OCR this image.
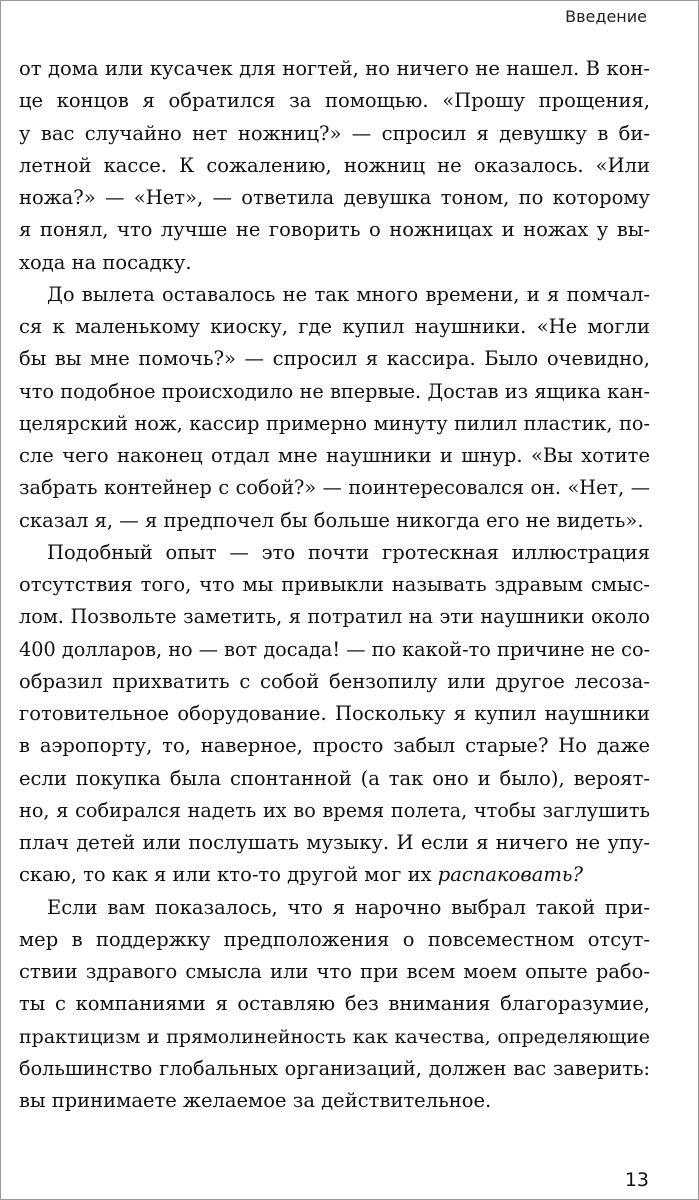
Введение
от дома или кусачек для ногтей, но ничего не нашел. В кон-
це концов я обратился за помощью. «Прошу прощения,
у вас случайно нет ножниц?» — спросил я девушку в би-
летной кассе. К сожалению, ножниц не оказалось. «Или
ножа?» — «Нет», — ответила девушка тоном, по которому
я понял, что лучше не говорить о ножницах и ножах у вы-
хода на посадку.
До вылета оставалось не так много времени, и я помчал-
ся к маленькому киоску, где купил наушники. «Не могли
бы вы мне помочь?» — спросил я кассира. Было очевидно,
что подобное происходило не впервые. Достав из ящика кан-
целярский нож, кассир примерно минуту пилил пластик, по-
сле чего наконец отдал мне наушники и шнур. «Вы хотите
забрать контейнер с собой?» — поинтересовался он. «Нет, —
сказал я, — я предпочел бы больше никогда его не видеть».
Подобный опыт — это почти гротескная иллюстрация
отсутствия того, что мы привыкли называть здравым смыс-
лом. Позвольте заметить, я потратил на эти наушники около
400 долларов, но — вот досада! — по какой-то причине не со-
образил прихватить с собой бензопилу или другое лесоза-
готовительное оборудование. Поскольку я купил наушники
в аэропорту, то, наверное, просто забыл старые? Но даже
если покупка была спонтанной (а так оно и было), вероят-
но, я собирался надеть их во время полета, чтобы заглушить
плач детей или послушать музыку. И если я ничего не упу-
скаю, то как я или кто-то другой мог их распаковать?
Если вам показалось, что я нарочно выбрал такой при-
мер в поддержку предположения о повсеместном отсут-
ствии здравого смысла или что при всем моем опыте рабо-
ты с компаниями я оставляю без внимания благоразумие,
практицизм и прямолинейность как качества, определяющие
большинство глобальных организаций, должен вас заверить:
вы принимаете желаемое за действительное.
13
